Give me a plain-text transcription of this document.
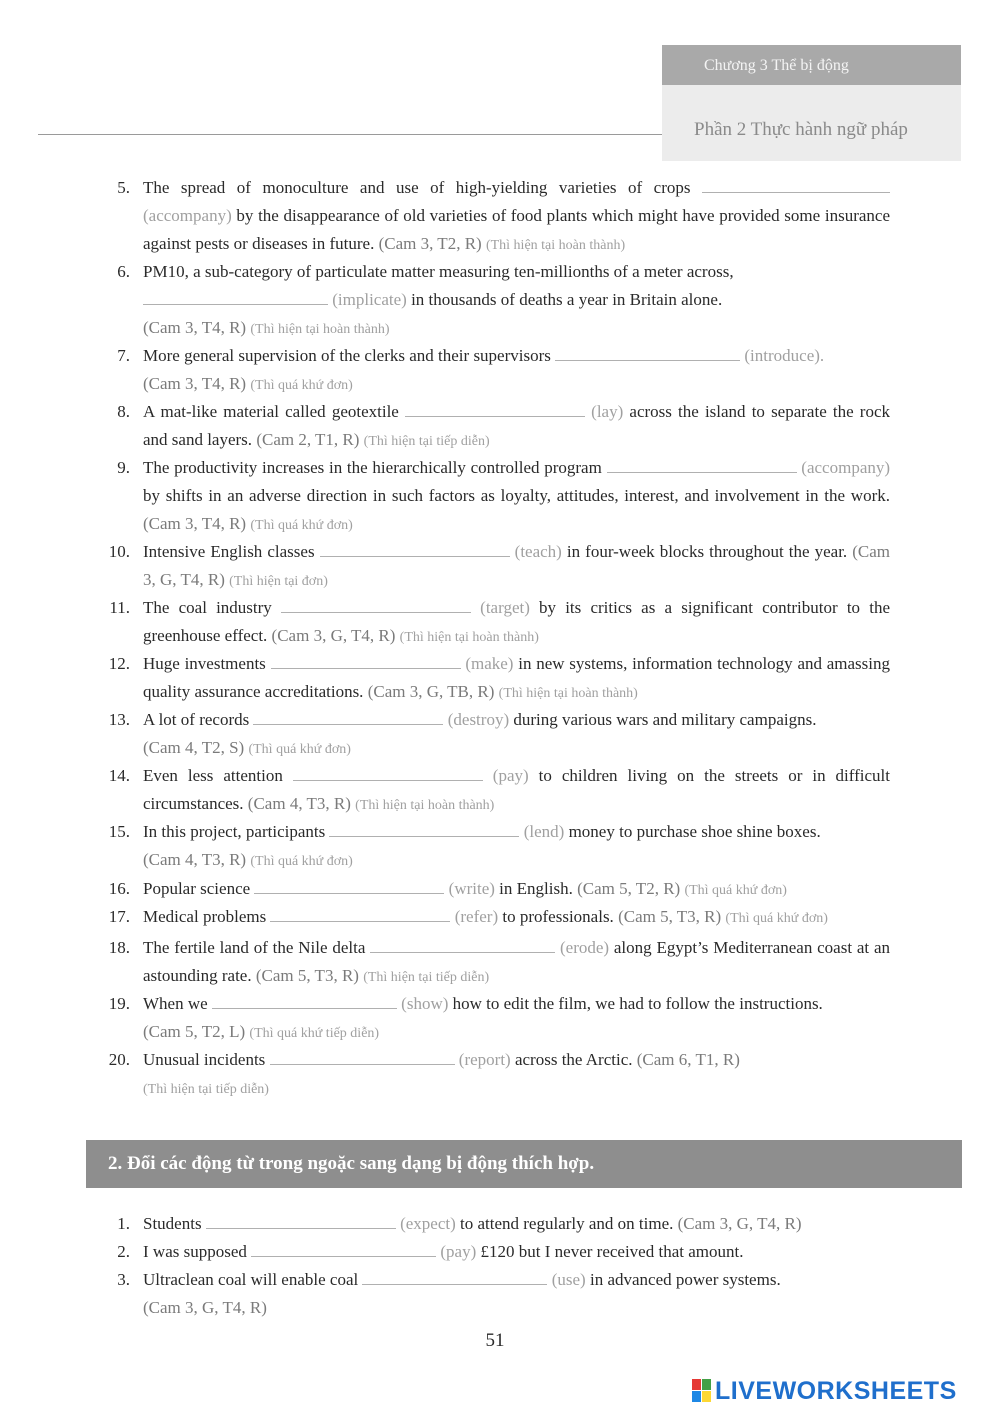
Chương 3 Thể bị động
Phần 2 Thực hành ngữ pháp
5. The spread of monoculture and use of high-yielding varieties of crops  (accompany) by the disappearance of old varieties of food plants which might have provided some insurance against pests or diseases in future. (Cam 3, T2, R) (Thì hiện tại hoàn thành)
6. PM10, a sub-category of particulate matter measuring ten-millionths of a meter across,
(implicate) in thousands of deaths a year in Britain alone.
(Cam 3, T4, R) (Thì hiện tại hoàn thành)
7. More general supervision of the clerks and their supervisors	(introduce).
(Cam 3, T4, R) (Thì quá khứ đơn)
8. A mat-like material called geotextile	(lay) across the island to separate the rock and sand layers. (Cam 2, T1, R) (Thì hiện tại tiếp diễn)
9. The productivity increases in the hierarchically controlled program	(accompany) by shifts in an adverse direction in such factors as loyalty, attitudes, interest, and involvement in the work. (Cam 3, T4, R) (Thì quá khứ đơn)
10. Intensive English classes	(teach) in four-week blocks throughout the year. (Cam 3, G, T4, R) (Thì hiện tại đơn)
11. The coal industry	(target) by its critics as a significant contributor to the greenhouse effect. (Cam 3, G, T4, R) (Thì hiện tại hoàn thành)
12. Huge investments	(make) in new systems, information technology and amassing quality assurance accreditations. (Cam 3, G, TB, R) (Thì hiện tại hoàn thành)
13. A lot of records	(destroy) during various wars and military campaigns.
(Cam 4, T2, S) (Thì quá khứ đơn)
14. Even less attention	(pay) to children living on the streets or in difficult circumstances. (Cam 4, T3, R) (Thì hiện tại hoàn thành)
15. In this project, participants	(lend) money to purchase shoe shine boxes.
(Cam 4, T3, R) (Thì quá khứ đơn)
16. Popular science	(write) in English. (Cam 5, T2, R) (Thì quá khứ đơn)
17. Medical problems	(refer) to professionals. (Cam 5, T3, R) (Thì quá khứ đơn)
18. The fertile land of the Nile delta	(erode) along Egypt’s Mediterranean coast at an astounding rate. (Cam 5, T3, R) (Thì hiện tại tiếp diễn)
19. When we	(show) how to edit the film, we had to follow the instructions.
(Cam 5, T2, L) (Thì quá khứ tiếp diễn)
20. Unusual incidents	(report) across the Arctic. (Cam 6, T1, R)
(Thì hiện tại tiếp diễn)
2. Đổi các động từ trong ngoặc sang dạng bị động thích hợp.
1. Students	(expect) to attend regularly and on time. (Cam 3, G, T4, R)
2. I was supposed	(pay) £120 but I never received that amount.
3. Ultraclean coal will enable coal	(use) in advanced power systems.
(Cam 3, G, T4, R)
51
LIVEWORKSHEETS
